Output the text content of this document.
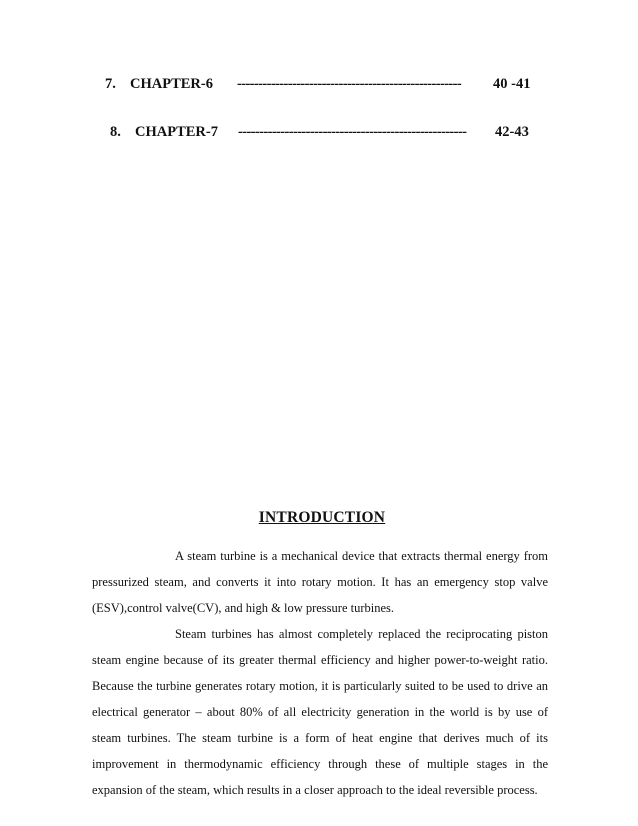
7. CHAPTER-6 ----------------------------------------------------- 40 -41
8. CHAPTER-7 ------------------------------------------------------ 42-43
INTRODUCTION

A steam turbine is a mechanical device that extracts thermal energy from pressurized steam, and converts it into rotary motion. It has an emergency stop valve (ESV),control valve(CV), and high & low pressure turbines.

Steam turbines has almost completely replaced the reciprocating piston steam engine because of its greater thermal efficiency and higher power-to-weight ratio. Because the turbine generates rotary motion, it is particularly suited to be used to drive an electrical generator – about 80% of all electricity generation in the world is by use of steam turbines. The steam turbine is a form of heat engine that derives much of its improvement in thermodynamic efficiency through these of multiple stages in the expansion of the steam, which results in a closer approach to the ideal reversible process.
